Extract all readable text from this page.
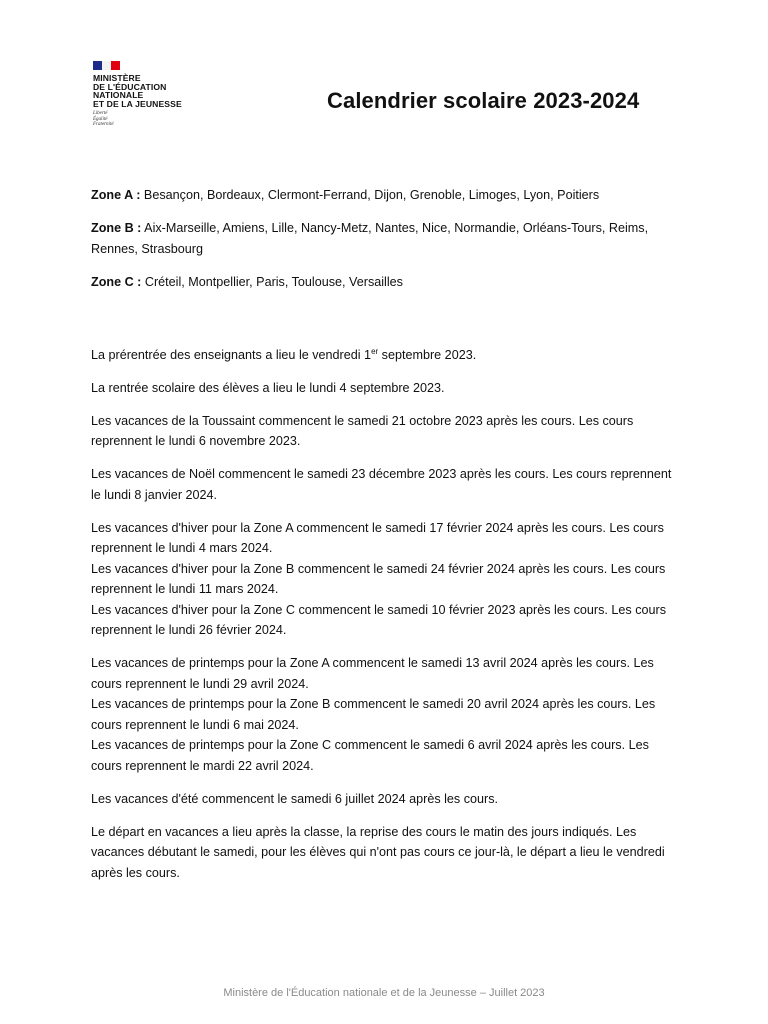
MINISTÈRE
DE L'ÉDUCATION
NATIONALE
ET DE LA JEUNESSE
Liberté
Égalité
Fraternité
Calendrier scolaire 2023-2024

Zone A : Besançon, Bordeaux, Clermont-Ferrand, Dijon, Grenoble, Limoges, Lyon, Poitiers

Zone B : Aix-Marseille, Amiens, Lille, Nancy-Metz, Nantes, Nice, Normandie, Orléans-Tours, Reims, Rennes, Strasbourg

Zone C : Créteil, Montpellier, Paris, Toulouse, Versailles

La prérentrée des enseignants a lieu le vendredi 1er septembre 2023.

La rentrée scolaire des élèves a lieu le lundi 4 septembre 2023.

Les vacances de la Toussaint commencent le samedi 21 octobre 2023 après les cours. Les cours reprennent le lundi 6 novembre 2023.

Les vacances de Noël commencent le samedi 23 décembre 2023 après les cours. Les cours reprennent le lundi 8 janvier 2024.

Les vacances d'hiver pour la Zone A commencent le samedi 17 février 2024 après les cours. Les cours reprennent le lundi 4 mars 2024.
Les vacances d'hiver pour la Zone B commencent le samedi 24 février 2024 après les cours. Les cours reprennent le lundi 11 mars 2024.
Les vacances d'hiver pour la Zone C commencent le samedi 10 février 2023 après les cours. Les cours reprennent le lundi 26 février 2024.

Les vacances de printemps pour la Zone A commencent le samedi 13 avril 2024 après les cours. Les cours reprennent le lundi 29 avril 2024.
Les vacances de printemps pour la Zone B commencent le samedi 20 avril 2024 après les cours. Les cours reprennent le lundi 6 mai 2024.
Les vacances de printemps pour la Zone C commencent le samedi 6 avril 2024 après les cours. Les cours reprennent le mardi 22 avril 2024.

Les vacances d'été commencent le samedi 6 juillet 2024 après les cours.

Le départ en vacances a lieu après la classe, la reprise des cours le matin des jours indiqués. Les vacances débutant le samedi, pour les élèves qui n'ont pas cours ce jour-là, le départ a lieu le vendredi après les cours.

Ministère de l'Éducation nationale et de la Jeunesse – Juillet 2023
